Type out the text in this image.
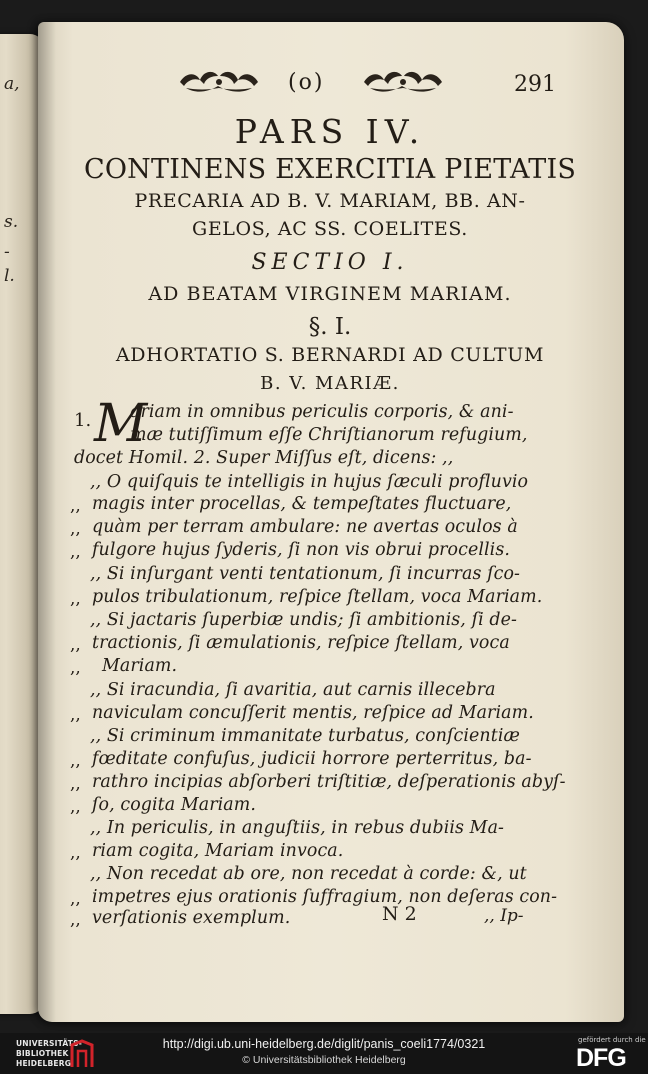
a,
s.
-
l.
(o)	291
PARS IV.
CONTINENS EXERCITIA PIETATIS
PRECARIA AD B. V. MARIAM, BB. AN-
GELOS, AC SS. COELITES.
SECTIO I.
AD BEATAM VIRGINEM MARIAM.
§. I.
ADHORTATIO S. BERNARDI AD CULTUM
B. V. MARIÆ.
1. M
ariam in omnibus periculis corporis, & ani-
mæ tutiſſimum eſſe Chriſtianorum refugium,
docet Homil. 2. Super Miſſus eſt, dicens: ,,
,, O quiſquis te intelligis in hujus ſæculi profluvio
,, magis inter procellas, & tempeſtates fluctuare,
,, quàm per terram ambulare: ne avertas oculos à
,, fulgore hujus ſyderis, ſi non vis obrui procellis.
,, Si inſurgant venti tentationum, ſi incurras ſco-
,, pulos tribulationum, reſpice ſtellam, voca Mariam.
,, Si jactaris ſuperbiæ undis; ſi ambitionis, ſi de-
,, tractionis, ſi æmulationis, reſpice ſtellam, voca
,, Mariam.
,, Si iracundia, ſi avaritia, aut carnis illecebra
,, naviculam concuſſerit mentis, reſpice ad Mariam.
,, Si criminum immanitate turbatus, conſcientiæ
,, fœditate confuſus, judicii horrore perterritus, ba-
,, rathro incipias abſorberi triſtitiæ, deſperationis abyſ-
,, ſo, cogita Mariam.
,, In periculis, in anguſtiis, in rebus dubiis Ma-
,, riam cogita, Mariam invoca.
,, Non recedat ab ore, non recedat à corde: &, ut
,, impetres ejus orationis ſuffragium, non deſeras con-
,, verſationis exemplum.	N 2	,, Ip-
UNIVERSITÄTS-
BIBLIOTHEK
HEIDELBERG
http://digi.ub.uni-heidelberg.de/diglit/panis_coeli1774/0321
© Universitätsbibliothek Heidelberg
gefördert durch die
DFG
